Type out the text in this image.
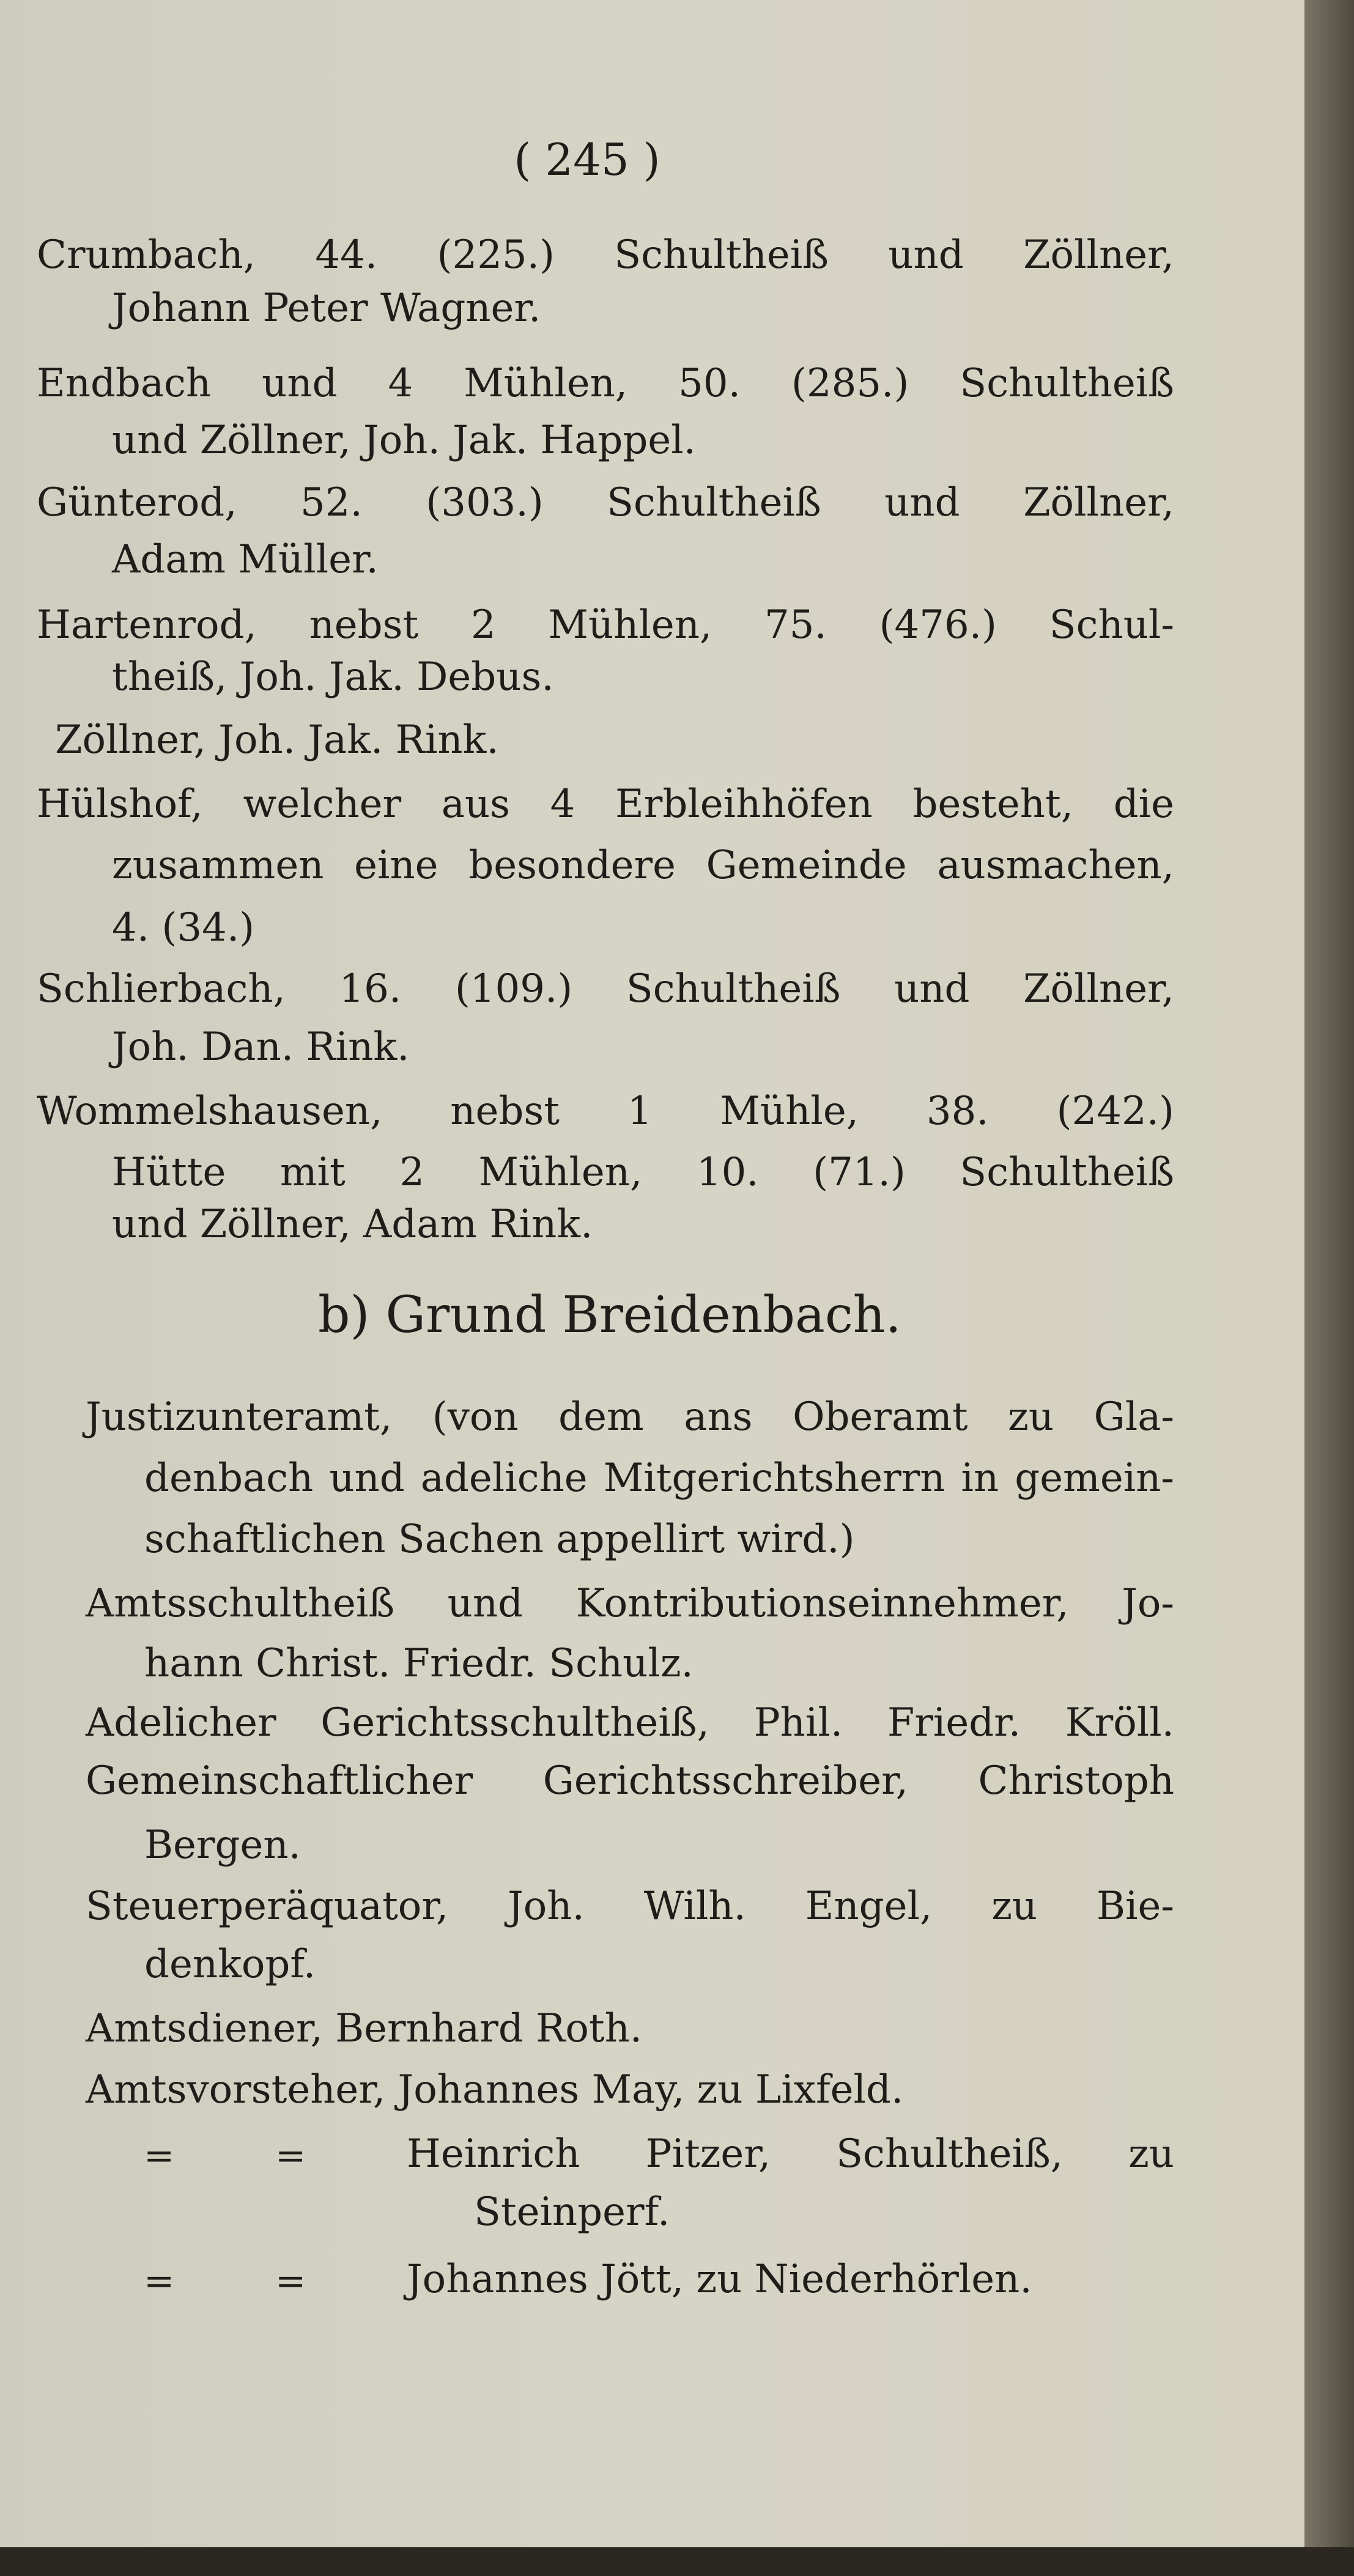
( 245 )
Crumbach, 44. (225.) Schultheiß und Zöllner,
Johann Peter Wagner.
Endbach und 4 Mühlen, 50. (285.) Schultheiß
und Zöllner, Joh. Jak. Happel.
Günterod, 52. (303.) Schultheiß und Zöllner,
Adam Müller.
Hartenrod, nebst 2 Mühlen, 75. (476.) Schul-
theiß, Joh. Jak. Debus.
Zöllner, Joh. Jak. Rink.
Hülshof, welcher aus 4 Erbleihhöfen besteht, die
zusammen eine besondere Gemeinde ausmachen,
4. (34.)
Schlierbach, 16. (109.) Schultheiß und Zöllner,
Joh. Dan. Rink.
Wommelshausen, nebst 1 Mühle, 38. (242.)
Hütte mit 2 Mühlen, 10. (71.) Schultheiß
und Zöllner, Adam Rink.
b) Grund Breidenbach.
Justizunteramt, (von dem ans Oberamt zu Gla-
denbach und adeliche Mitgerichtsherrn in gemein-
schaftlichen Sachen appellirt wird.)
Amtsschultheiß und Kontributionseinnehmer, Jo-
hann Christ. Friedr. Schulz.
Adelicher Gerichtsschultheiß, Phil. Friedr. Kröll.
Gemeinschaftlicher Gerichtsschreiber, Christoph
Bergen.
Steuerperäquator, Joh. Wilh. Engel, zu Bie-
denkopf.
Amtsdiener, Bernhard Roth.
Amtsvorsteher, Johannes May, zu Lixfeld.
=	=	Heinrich Pitzer, Schultheiß, zu
Steinperf.
=	=	Johannes Jött, zu Niederhörlen.
